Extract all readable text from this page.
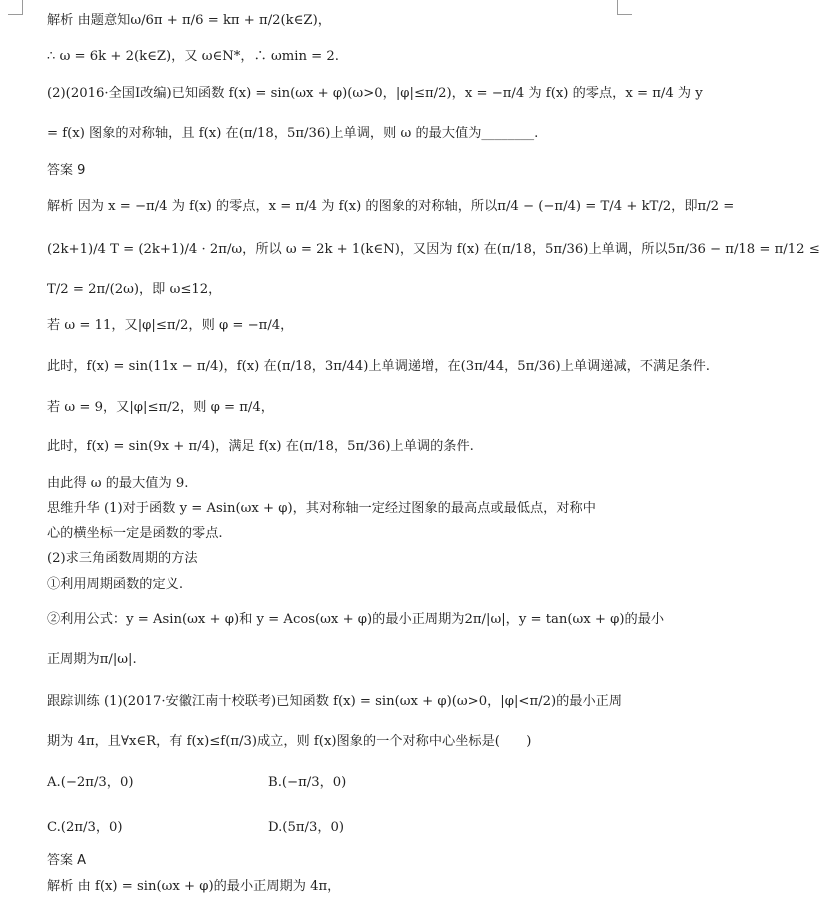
解析 由题意知ω/6π + π/6 = kπ + π/2(k∈Z)，
∴ ω = 6k + 2(k∈Z)，又 ω∈N*，∴ ωmin = 2.
(2)(2016·全国Ⅰ改编)已知函数 f(x) = sin(ωx + φ)(ω>0，|φ|≤π/2)，x = −π/4 为 f(x) 的零点，x = π/4 为 y
= f(x) 图象的对称轴，且 f(x) 在(π/18，5π/36)上单调，则 ω 的最大值为________.
答案 9
解析 因为 x = −π/4 为 f(x) 的零点，x = π/4 为 f(x) 的图象的对称轴，所以π/4 − (−π/4) = T/4 + kT/2，即π/2 =
(2k+1)/4 T = (2k+1)/4 · 2π/ω，所以 ω = 2k + 1(k∈N)，又因为 f(x) 在(π/18，5π/36)上单调，所以5π/36 − π/18 = π/12 ≤
T/2 = 2π/(2ω)，即 ω≤12，
若 ω = 11，又|φ|≤π/2，则 φ = −π/4，
此时，f(x) = sin(11x − π/4)，f(x) 在(π/18，3π/44)上单调递增，在(3π/44，5π/36)上单调递减，不满足条件.
若 ω = 9，又|φ|≤π/2，则 φ = π/4，
此时，f(x) = sin(9x + π/4)，满足 f(x) 在(π/18，5π/36)上单调的条件.
由此得 ω 的最大值为 9.
思维升华 (1)对于函数 y = Asin(ωx + φ)，其对称轴一定经过图象的最高点或最低点，对称中
心的横坐标一定是函数的零点.
(2)求三角函数周期的方法
①利用周期函数的定义.
②利用公式：y = Asin(ωx + φ)和 y = Acos(ωx + φ)的最小正周期为2π/|ω|，y = tan(ωx + φ)的最小
正周期为π/|ω|.
跟踪训练 (1)(2017·安徽江南十校联考)已知函数 f(x) = sin(ωx + φ)(ω>0，|φ|<π/2)的最小正周
期为 4π，且∀x∈R，有 f(x)≤f(π/3)成立，则 f(x)图象的一个对称中心坐标是(　　)
A.(−2π/3，0)	B.(−π/3，0)
C.(2π/3，0)	D.(5π/3，0)
答案 A
解析 由 f(x) = sin(ωx + φ)的最小正周期为 4π，
